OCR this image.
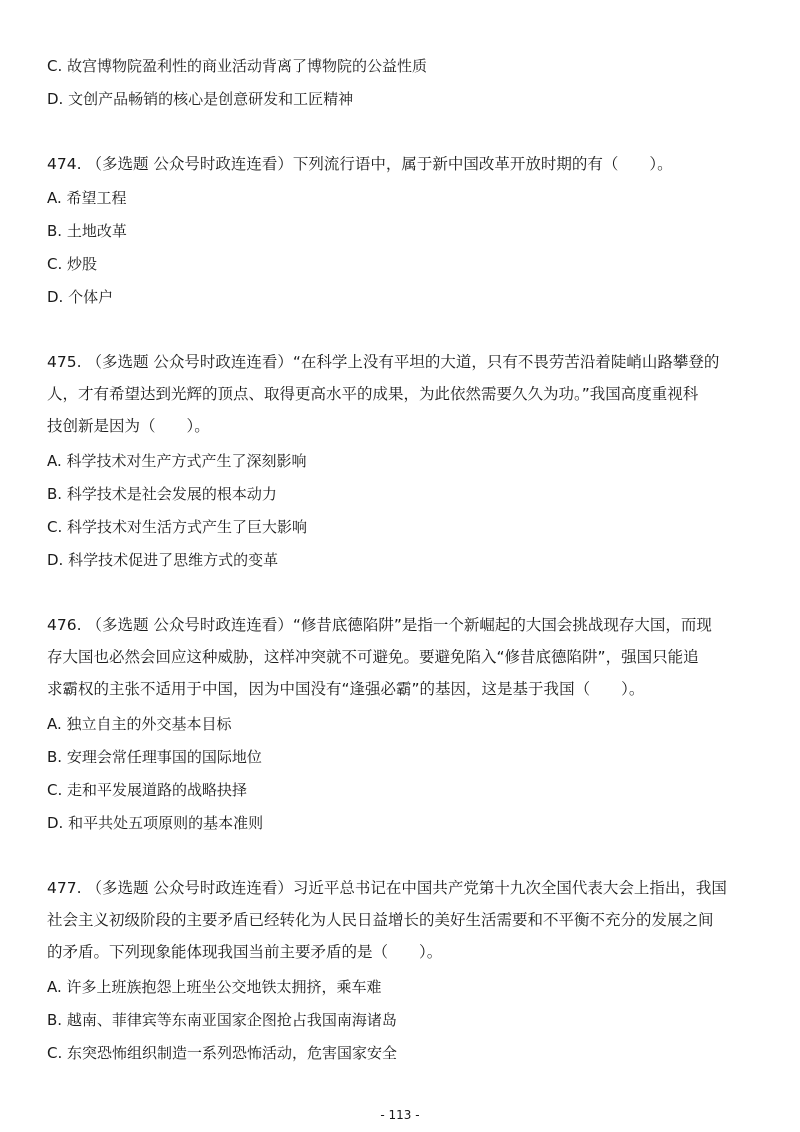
C. 故宫博物院盈利性的商业活动背离了博物院的公益性质

D. 文创产品畅销的核心是创意研发和工匠精神

474. （多选题 公众号时政连连看）下列流行语中，属于新中国改革开放时期的有（　　）。

A. 希望工程

B. 土地改革

C. 炒股

D. 个体户

475. （多选题 公众号时政连连看）“在科学上没有平坦的大道，只有不畏劳苦沿着陡峭山路攀登的

人，才有希望达到光辉的顶点、取得更高水平的成果，为此依然需要久久为功。”我国高度重视科

技创新是因为（　　）。

A. 科学技术对生产方式产生了深刻影响

B. 科学技术是社会发展的根本动力

C. 科学技术对生活方式产生了巨大影响

D. 科学技术促进了思维方式的变革

476. （多选题 公众号时政连连看）“修昔底德陷阱”是指一个新崛起的大国会挑战现存大国，而现

存大国也必然会回应这种威胁，这样冲突就不可避免。要避免陷入“修昔底德陷阱”，强国只能追

求霸权的主张不适用于中国，因为中国没有“逢强必霸”的基因，这是基于我国（　　）。

A. 独立自主的外交基本目标

B. 安理会常任理事国的国际地位

C. 走和平发展道路的战略抉择

D. 和平共处五项原则的基本准则

477. （多选题 公众号时政连连看）习近平总书记在中国共产党第十九次全国代表大会上指出，我国

社会主义初级阶段的主要矛盾已经转化为人民日益增长的美好生活需要和不平衡不充分的发展之间

的矛盾。下列现象能体现我国当前主要矛盾的是（　　）。

A. 许多上班族抱怨上班坐公交地铁太拥挤，乘车难

B. 越南、菲律宾等东南亚国家企图抢占我国南海诸岛

C. 东突恐怖组织制造一系列恐怖活动，危害国家安全

- 113 -
